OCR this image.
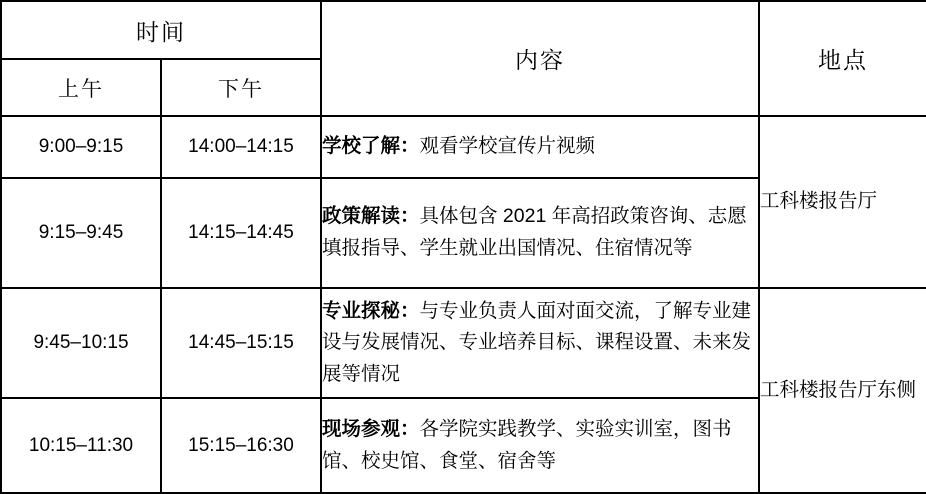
时间		内容	地点
上午	下午		
9:00–9:15	14:00–14:15	学校了解：观看学校宣传片视频	工科楼报告厅
9:15–9:45	14:15–14:45	政策解读：具体包含 2021 年高招政策咨询、志愿填报指导、学生就业出国情况、住宿情况等	
9:45–10:15	14:45–15:15	专业探秘：与专业负责人面对面交流，了解专业建设与发展情况、专业培养目标、课程设置、未来发展等情况	工科楼报告厅东侧
10:15–11:30	15:15–16:30	现场参观：各学院实践教学、实验实训室，图书馆、校史馆、食堂、宿舍等	
